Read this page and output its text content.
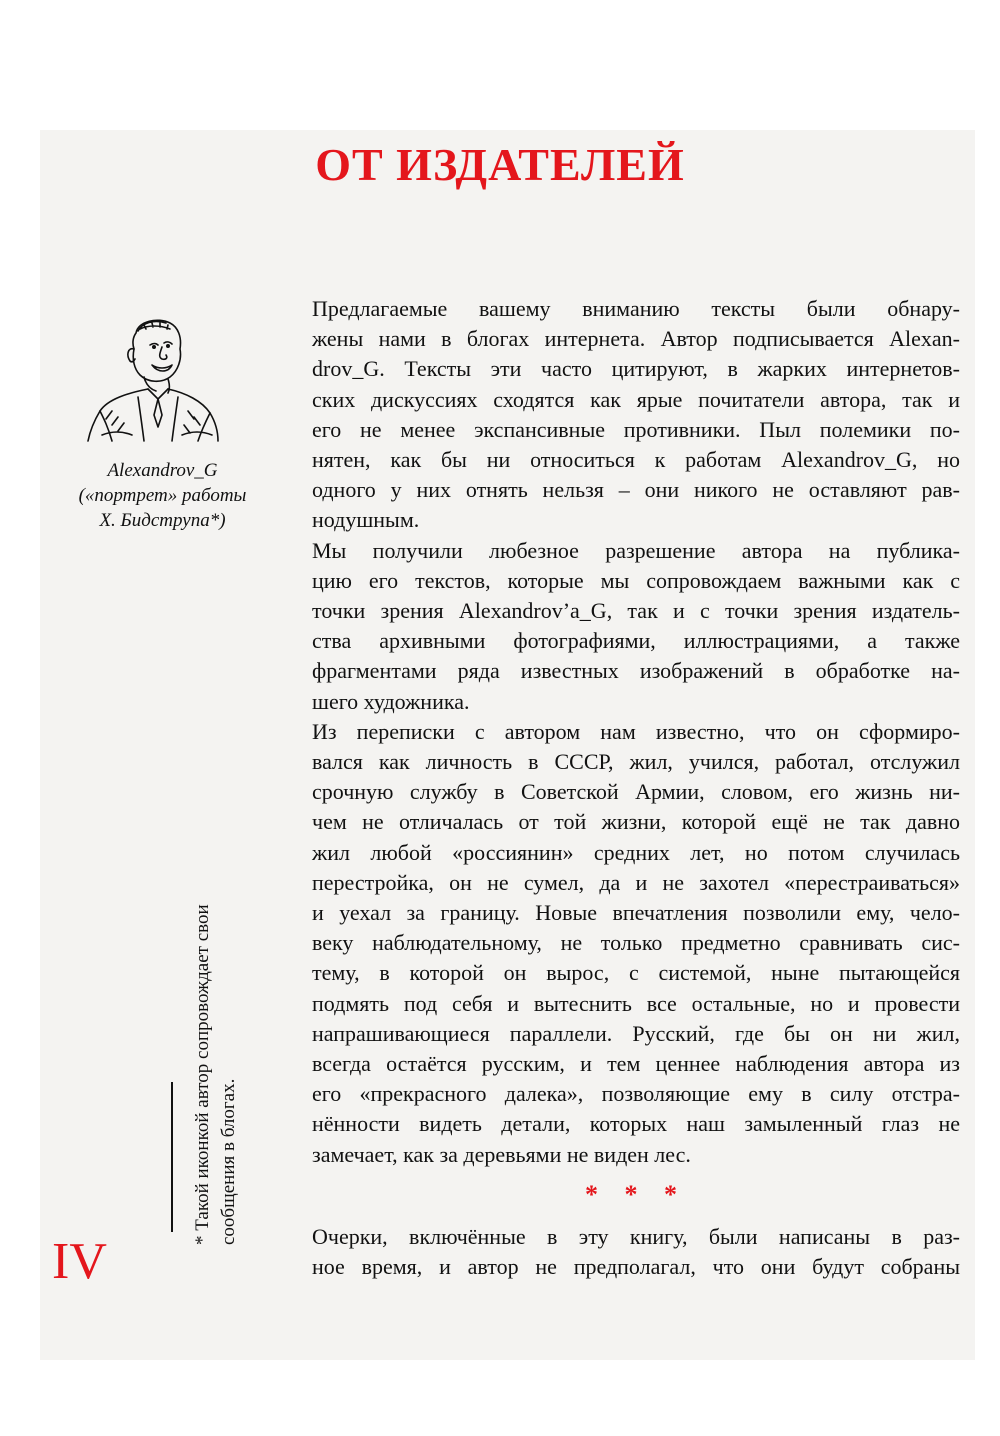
ОТ ИЗДАТЕЛЕЙ
Alexandrov_G
(«портрет» работы
Х. Бидструпа*)
* Такой иконкой автор сопровождает свои сообщения в блогах.
IV
Предлагаемые вашему вниманию тексты были обнару-
жены нами в блогах интернета. Автор подписывается Alexan-
drov_G. Тексты эти часто цитируют, в жарких интернетов-
ских дискуссиях сходятся как ярые почитатели автора, так и
его не менее экспансивные противники. Пыл полемики по-
нятен, как бы ни относиться к работам Alexandrov_G, но
одного у них отнять нельзя – они никого не оставляют рав-
нодушным.
Мы получили любезное разрешение автора на публика-
цию его текстов, которые мы сопровождаем важными как с
точки зрения Alexandrov’a_G, так и с точки зрения издатель-
ства архивными фотографиями, иллюстрациями, а также
фрагментами ряда известных изображений в обработке на-
шего художника.
Из переписки с автором нам известно, что он сформиро-
вался как личность в СССР, жил, учился, работал, отслужил
срочную службу в Советской Армии, словом, его жизнь ни-
чем не отличалась от той жизни, которой ещё не так давно
жил любой «россиянин» средних лет, но потом случилась
перестройка, он не сумел, да и не захотел «перестраиваться»
и уехал за границу. Новые впечатления позволили ему, чело-
веку наблюдательному, не только предметно сравнивать сис-
тему, в которой он вырос, с системой, ныне пытающейся
подмять под себя и вытеснить все остальные, но и провести
напрашивающиеся параллели. Русский, где бы он ни жил,
всегда остаётся русским, и тем ценнее наблюдения автора из
его «прекрасного далека», позволяющие ему в силу отстра-
нённости видеть детали, которых наш замыленный глаз не
замечает, как за деревьями не виден лес.
* * *
Очерки, включённые в эту книгу, были написаны в раз-
ное время, и автор не предполагал, что они будут собраны
